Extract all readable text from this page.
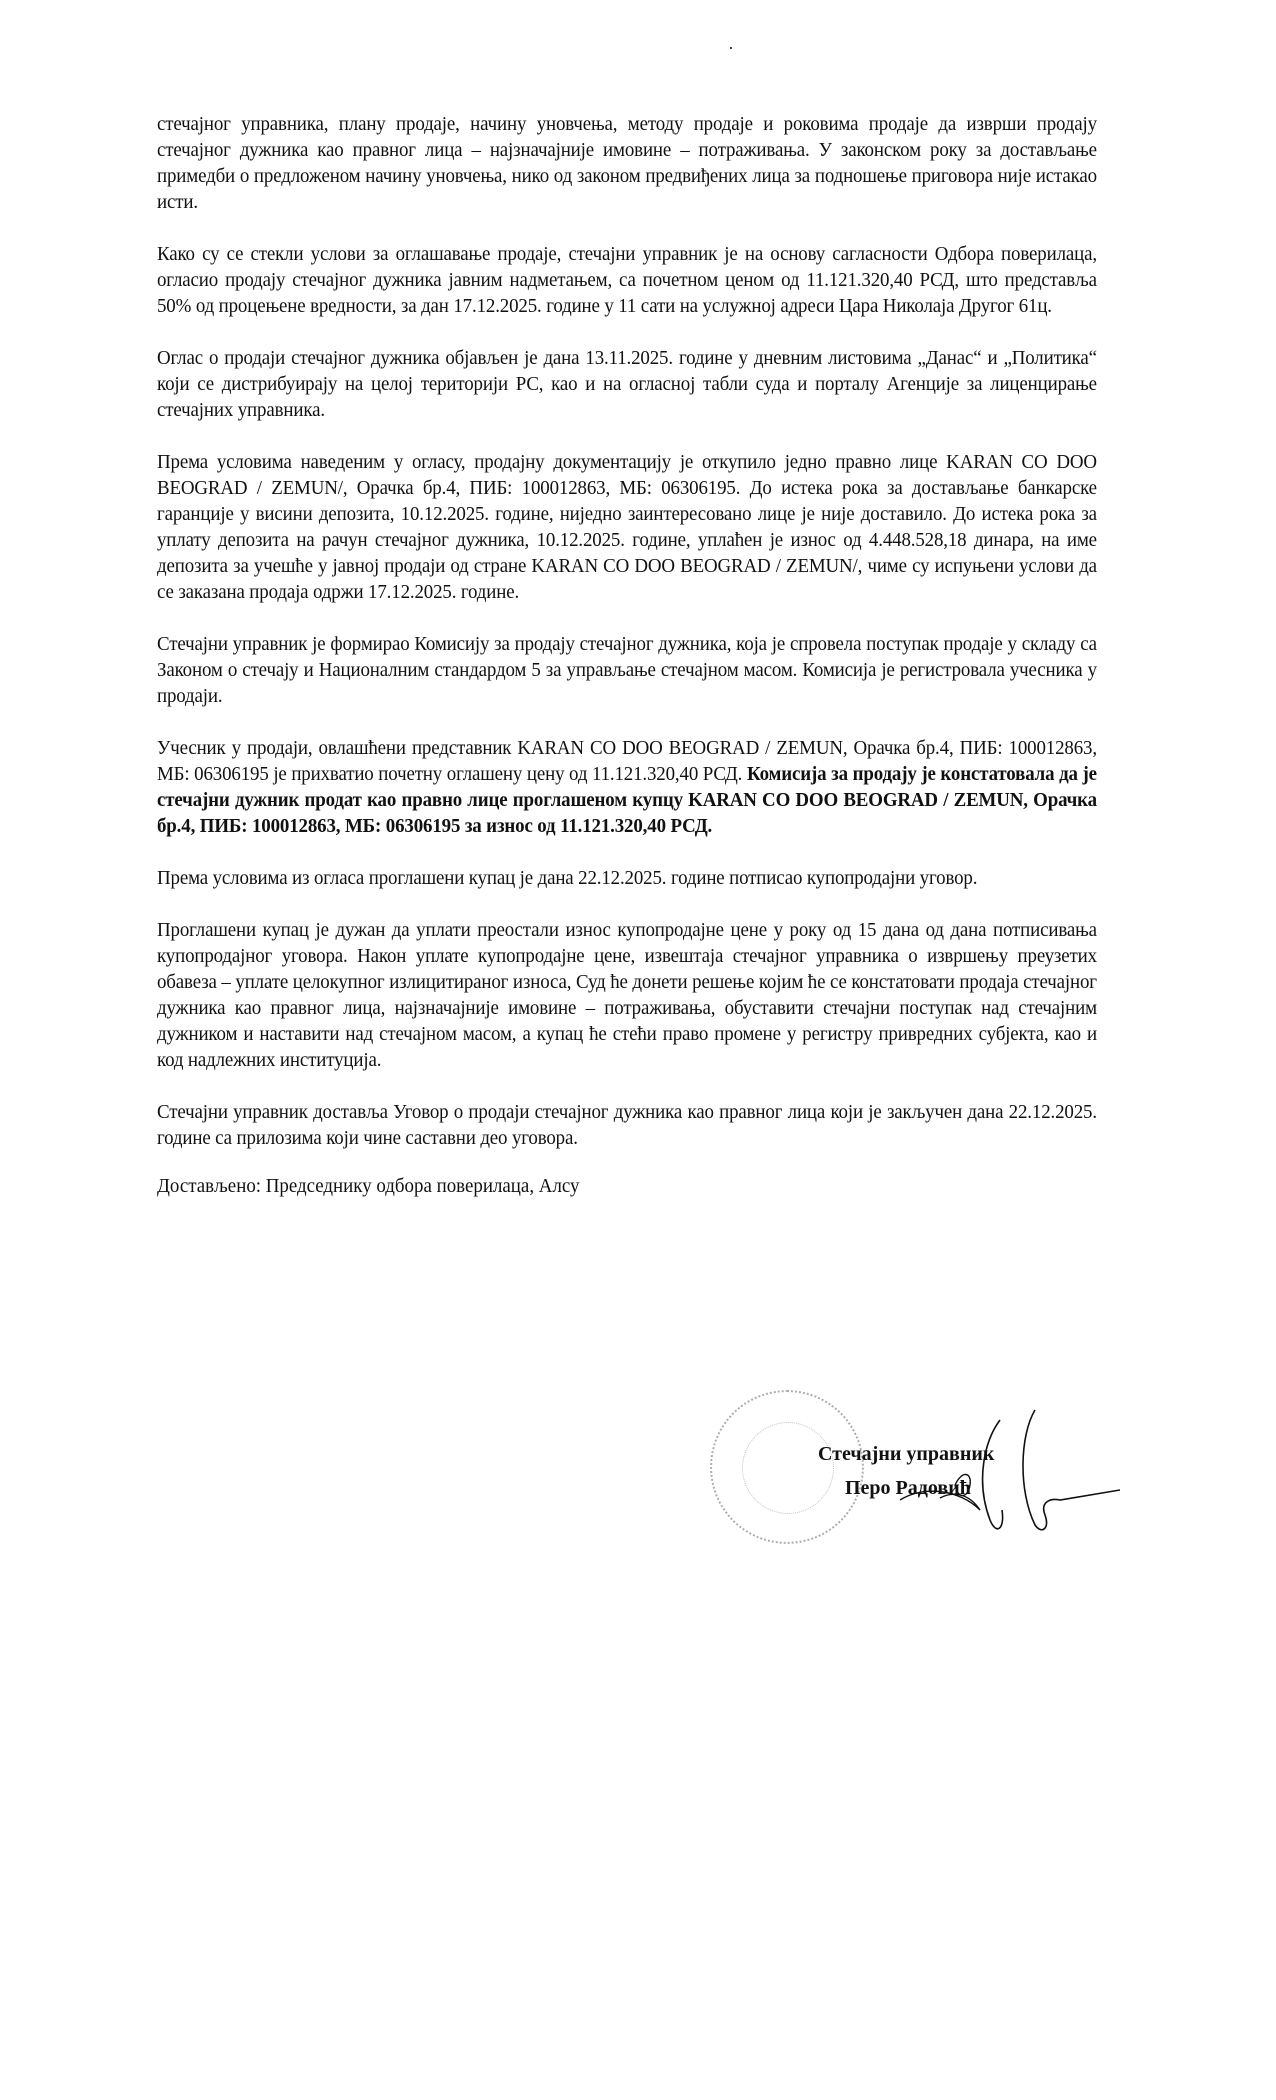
стечајног управника, плану продаје, начину уновчења, методу продаје и роковима продаје да изврши продају стечајног дужника као правног лица – најзначајније имовине – потраживања. У законском року за достављање примедби о предложеном начину уновчења, нико од законом предвиђених лица за подношење приговора није истакао исти.

Како су се стекли услови за оглашавање продаје, стечајни управник је на основу сагласности Одбора поверилаца, огласио продају стечајног дужника јавним надметањем, са почетном ценом од 11.121.320,40 РСД, што представља 50% од процењене вредности, за дан 17.12.2025. године у 11 сати на услужној адреси Цара Николаја Другог 61ц.

Оглас о продаји стечајног дужника објављен је дана 13.11.2025. године у дневним листовима „Данас“ и „Политика“ који се дистрибуирају на целој територији РС, као и на огласној табли суда и порталу Агенције за лиценцирање стечајних управника.

Према условима наведеним у огласу, продајну документацију је откупило једно правно лице KARAN CO DOO BEOGRAD / ZEMUN/, Орачка бр.4, ПИБ: 100012863, МБ: 06306195. До истека рока за достављање банкарске гаранције у висини депозита, 10.12.2025. године, ниједно заинтересовано лице је није доставило. До истека рока за уплату депозита на рачун стечајног дужника, 10.12.2025. године, уплаћен је износ од 4.448.528,18 динара, на име депозита за учешће у јавној продаји од стране KARAN CO DOO BEOGRAD / ZEMUN/, чиме су испуњени услови да се заказана продаја одржи 17.12.2025. године.

Стечајни управник је формирао Комисију за продају стечајног дужника, која је спровела поступак продаје у складу са Законом о стечају и Националним стандардом 5 за управљање стечајном масом. Комисија је регистровала учесника у продаји.

Учесник у продаји, овлашћени представник KARAN CO DOO BEOGRAD / ZEMUN, Орачка бр.4, ПИБ: 100012863, МБ: 06306195 је прихватио почетну оглашену цену од 11.121.320,40 РСД. Комисија за продају је констатовала да је стечајни дужник продат као правно лице проглашеном купцу KARAN CO DOO BEOGRAD / ZEMUN, Орачка бр.4, ПИБ: 100012863, МБ: 06306195 за износ од 11.121.320,40 РСД.

Према условима из огласа проглашени купац је дана 22.12.2025. године потписао купопродајни уговор.

Проглашени купац је дужан да уплати преостали износ купопродајне цене у року од 15 дана од дана потписивања купопродајног уговора. Након уплате купопродајне цене, извештаја стечајног управника о извршењу преузетих обавеза – уплате целокупног излицитираног износа, Суд ће донети решење којим ће се констатовати продаја стечајног дужника као правног лица, најзначајније имовине – потраживања, обуставити стечајни поступак над стечајним дужником и наставити над стечајном масом, а купац ће стећи право промене у регистру привредних субјекта, као и код надлежних институција.

Стечајни управник доставља Уговор о продаји стечајног дужника као правног лица који је закључен дана 22.12.2025. године са прилозима који чине саставни део уговора.

Достављено: Председнику одбора поверилаца, Алсу

Стечајни управник
Перо Радовић
